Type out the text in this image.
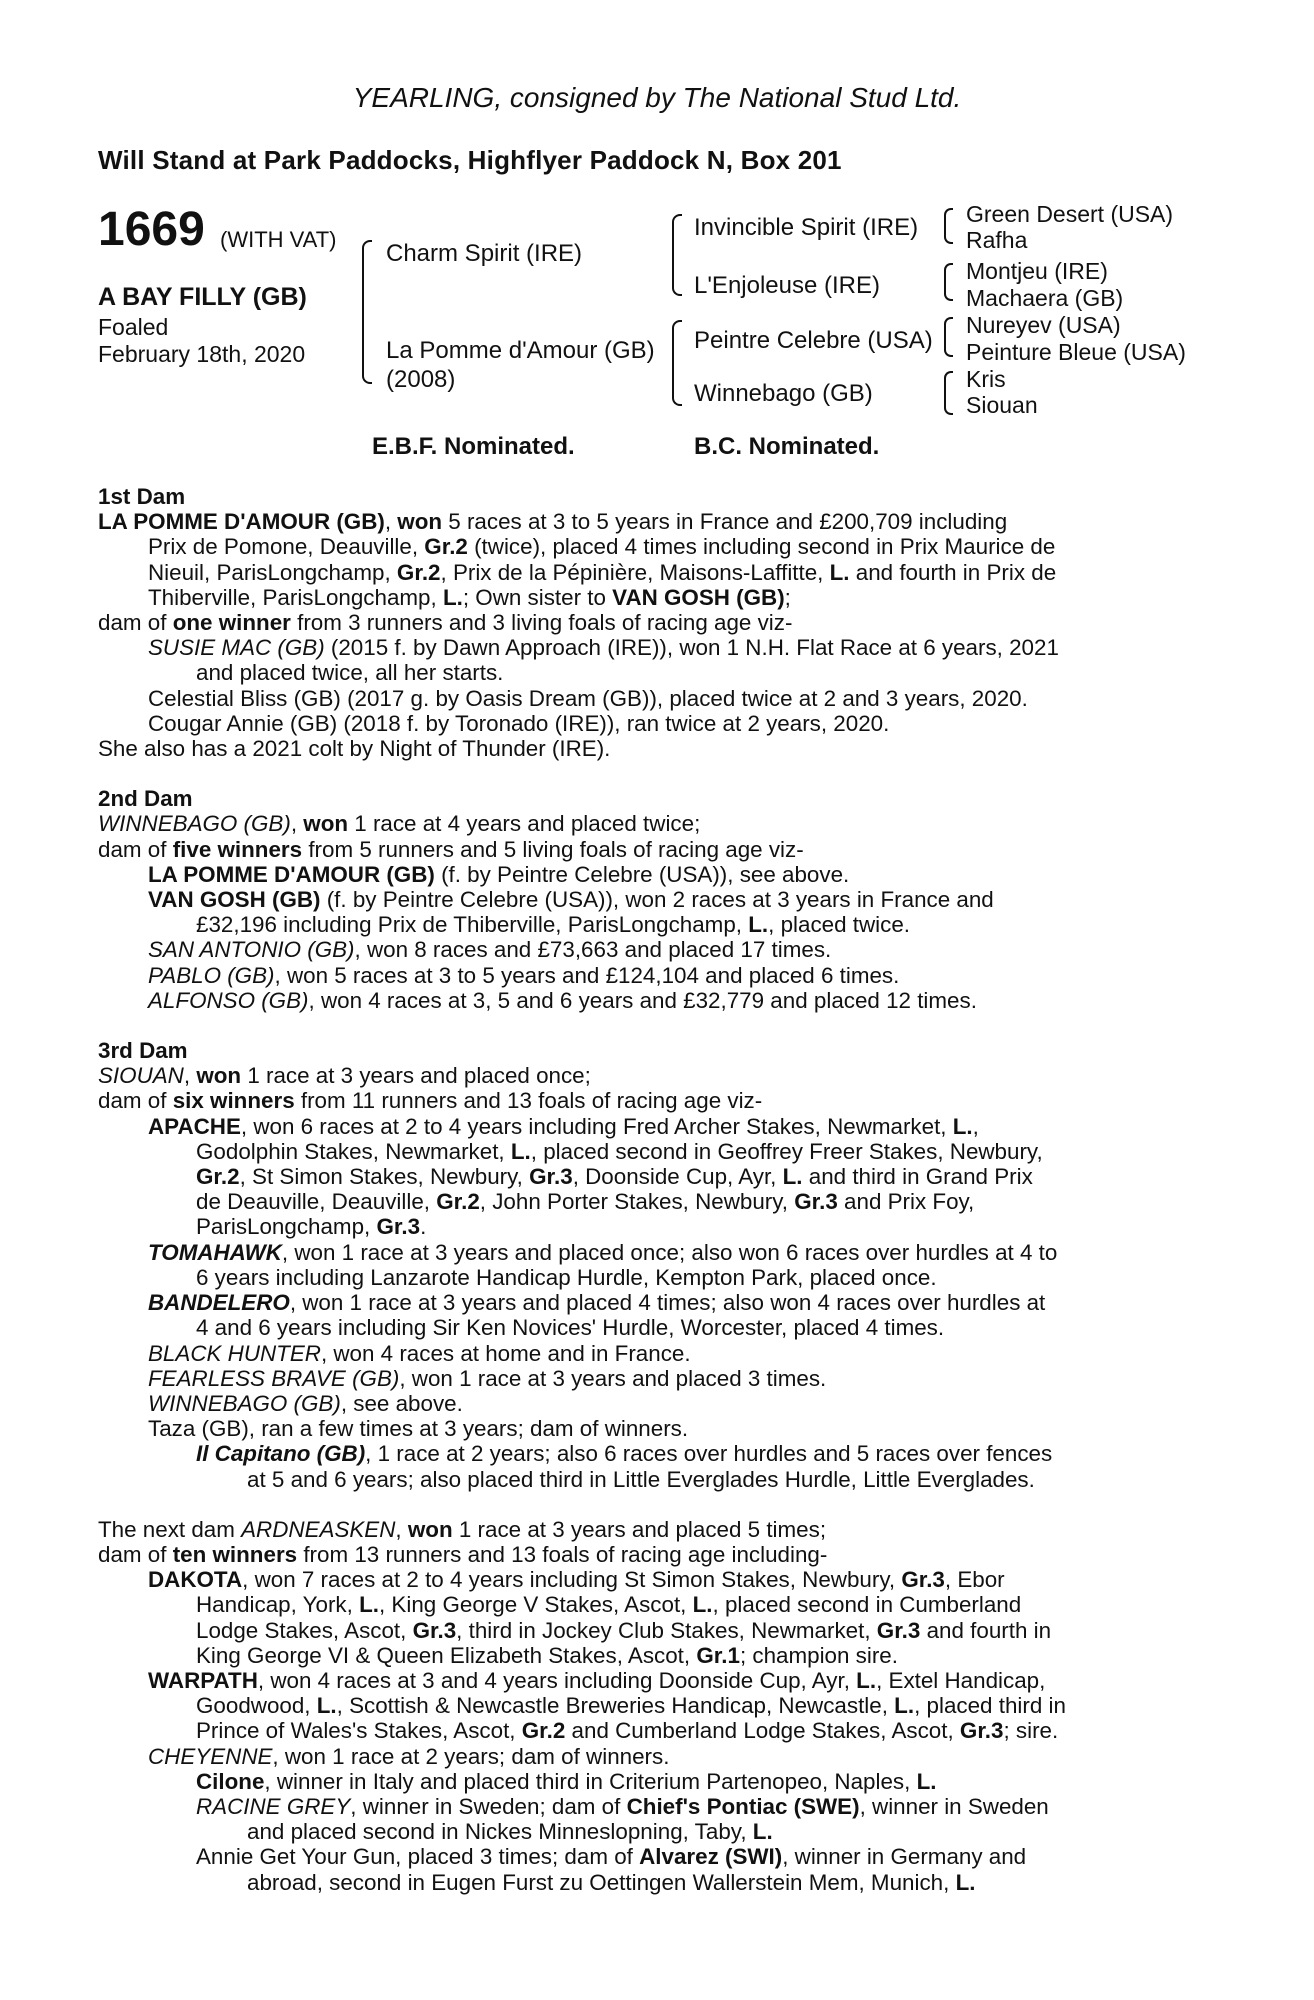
YEARLING, consigned by The National Stud Ltd.
Will Stand at Park Paddocks, Highflyer Paddock N, Box 201
1669 (WITH VAT)
A BAY FILLY (GB)
Foaled
February 18th, 2020
Charm Spirit (IRE)
La Pomme d'Amour (GB)
(2008)
Invincible Spirit (IRE)
L'Enjoleuse (IRE)
Peintre Celebre (USA)
Winnebago (GB)
Green Desert (USA)
Rafha
Montjeu (IRE)
Machaera (GB)
Nureyev (USA)
Peinture Bleue (USA)
Kris
Siouan
E.B.F. Nominated.	B.C. Nominated.

1st Dam

LA POMME D'AMOUR (GB), won 5 races at 3 to 5 years in France and £200,709 including

Prix de Pomone, Deauville, Gr.2 (twice), placed 4 times including second in Prix Maurice de

Nieuil, ParisLongchamp, Gr.2, Prix de la Pépinière, Maisons-Laffitte, L. and fourth in Prix de

Thiberville, ParisLongchamp, L.; Own sister to VAN GOSH (GB);

dam of one winner from 3 runners and 3 living foals of racing age viz-

SUSIE MAC (GB) (2015 f. by Dawn Approach (IRE)), won 1 N.H. Flat Race at 6 years, 2021

and placed twice, all her starts.

Celestial Bliss (GB) (2017 g. by Oasis Dream (GB)), placed twice at 2 and 3 years, 2020.

Cougar Annie (GB) (2018 f. by Toronado (IRE)), ran twice at 2 years, 2020.

She also has a 2021 colt by Night of Thunder (IRE).

2nd Dam

WINNEBAGO (GB), won 1 race at 4 years and placed twice;

dam of five winners from 5 runners and 5 living foals of racing age viz-

LA POMME D'AMOUR (GB) (f. by Peintre Celebre (USA)), see above.

VAN GOSH (GB) (f. by Peintre Celebre (USA)), won 2 races at 3 years in France and

£32,196 including Prix de Thiberville, ParisLongchamp, L., placed twice.

SAN ANTONIO (GB), won 8 races and £73,663 and placed 17 times.

PABLO (GB), won 5 races at 3 to 5 years and £124,104 and placed 6 times.

ALFONSO (GB), won 4 races at 3, 5 and 6 years and £32,779 and placed 12 times.

3rd Dam

SIOUAN, won 1 race at 3 years and placed once;

dam of six winners from 11 runners and 13 foals of racing age viz-

APACHE, won 6 races at 2 to 4 years including Fred Archer Stakes, Newmarket, L.,

Godolphin Stakes, Newmarket, L., placed second in Geoffrey Freer Stakes, Newbury,

Gr.2, St Simon Stakes, Newbury, Gr.3, Doonside Cup, Ayr, L. and third in Grand Prix

de Deauville, Deauville, Gr.2, John Porter Stakes, Newbury, Gr.3 and Prix Foy,

ParisLongchamp, Gr.3.

TOMAHAWK, won 1 race at 3 years and placed once; also won 6 races over hurdles at 4 to

6 years including Lanzarote Handicap Hurdle, Kempton Park, placed once.

BANDELERO, won 1 race at 3 years and placed 4 times; also won 4 races over hurdles at

4 and 6 years including Sir Ken Novices' Hurdle, Worcester, placed 4 times.

BLACK HUNTER, won 4 races at home and in France.

FEARLESS BRAVE (GB), won 1 race at 3 years and placed 3 times.

WINNEBAGO (GB), see above.

Taza (GB), ran a few times at 3 years; dam of winners.

Il Capitano (GB), 1 race at 2 years; also 6 races over hurdles and 5 races over fences

at 5 and 6 years; also placed third in Little Everglades Hurdle, Little Everglades.

The next dam ARDNEASKEN, won 1 race at 3 years and placed 5 times;

dam of ten winners from 13 runners and 13 foals of racing age including-

DAKOTA, won 7 races at 2 to 4 years including St Simon Stakes, Newbury, Gr.3, Ebor

Handicap, York, L., King George V Stakes, Ascot, L., placed second in Cumberland

Lodge Stakes, Ascot, Gr.3, third in Jockey Club Stakes, Newmarket, Gr.3 and fourth in

King George VI & Queen Elizabeth Stakes, Ascot, Gr.1; champion sire.

WARPATH, won 4 races at 3 and 4 years including Doonside Cup, Ayr, L., Extel Handicap,

Goodwood, L., Scottish & Newcastle Breweries Handicap, Newcastle, L., placed third in

Prince of Wales's Stakes, Ascot, Gr.2 and Cumberland Lodge Stakes, Ascot, Gr.3; sire.

CHEYENNE, won 1 race at 2 years; dam of winners.

Cilone, winner in Italy and placed third in Criterium Partenopeo, Naples, L.

RACINE GREY, winner in Sweden; dam of Chief's Pontiac (SWE), winner in Sweden

and placed second in Nickes Minneslopning, Taby, L.

Annie Get Your Gun, placed 3 times; dam of Alvarez (SWI), winner in Germany and

abroad, second in Eugen Furst zu Oettingen Wallerstein Mem, Munich, L.
